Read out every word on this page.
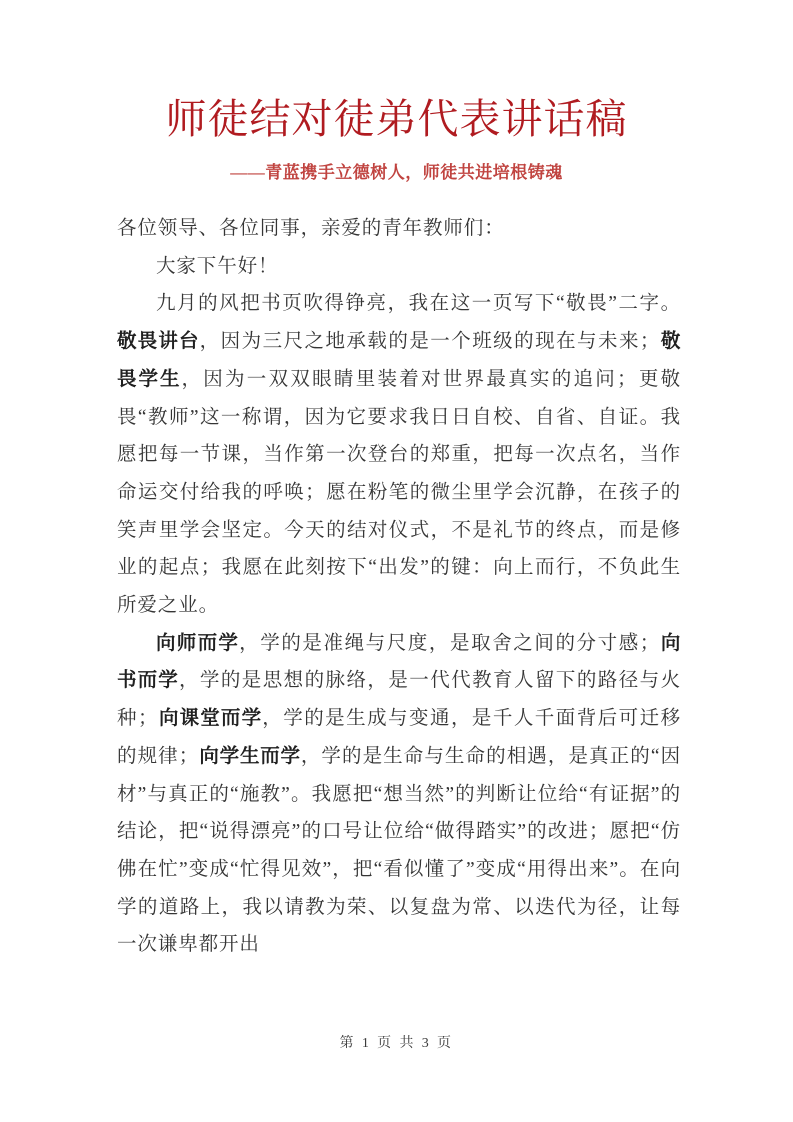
师徒结对徒弟代表讲话稿
——青蓝携手立德树人，师徒共进培根铸魂

各位领导、各位同事，亲爱的青年教师们：

大家下午好！

九月的风把书页吹得铮亮，我在这一页写下“敬畏”二字。敬畏讲台，因为三尺之地承载的是一个班级的现在与未来；敬畏学生，因为一双双眼睛里装着对世界最真实的追问；更敬畏“教师”这一称谓，因为它要求我日日自校、自省、自证。我愿把每一节课，当作第一次登台的郑重，把每一次点名，当作命运交付给我的呼唤；愿在粉笔的微尘里学会沉静，在孩子的笑声里学会坚定。今天的结对仪式，不是礼节的终点，而是修业的起点；我愿在此刻按下“出发”的键：向上而行，不负此生所爱之业。

向师而学，学的是准绳与尺度，是取舍之间的分寸感；向书而学，学的是思想的脉络，是一代代教育人留下的路径与火种；向课堂而学，学的是生成与变通，是千人千面背后可迁移的规律；向学生而学，学的是生命与生命的相遇，是真正的“因材”与真正的“施教”。我愿把“想当然”的判断让位给“有证据”的结论，把“说得漂亮”的口号让位给“做得踏实”的改进；愿把“仿佛在忙”变成“忙得见效”，把“看似懂了”变成“用得出来”。在向学的道路上，我以请教为荣、以复盘为常、以迭代为径，让每一次谦卑都开出

第 1 页 共 3 页
